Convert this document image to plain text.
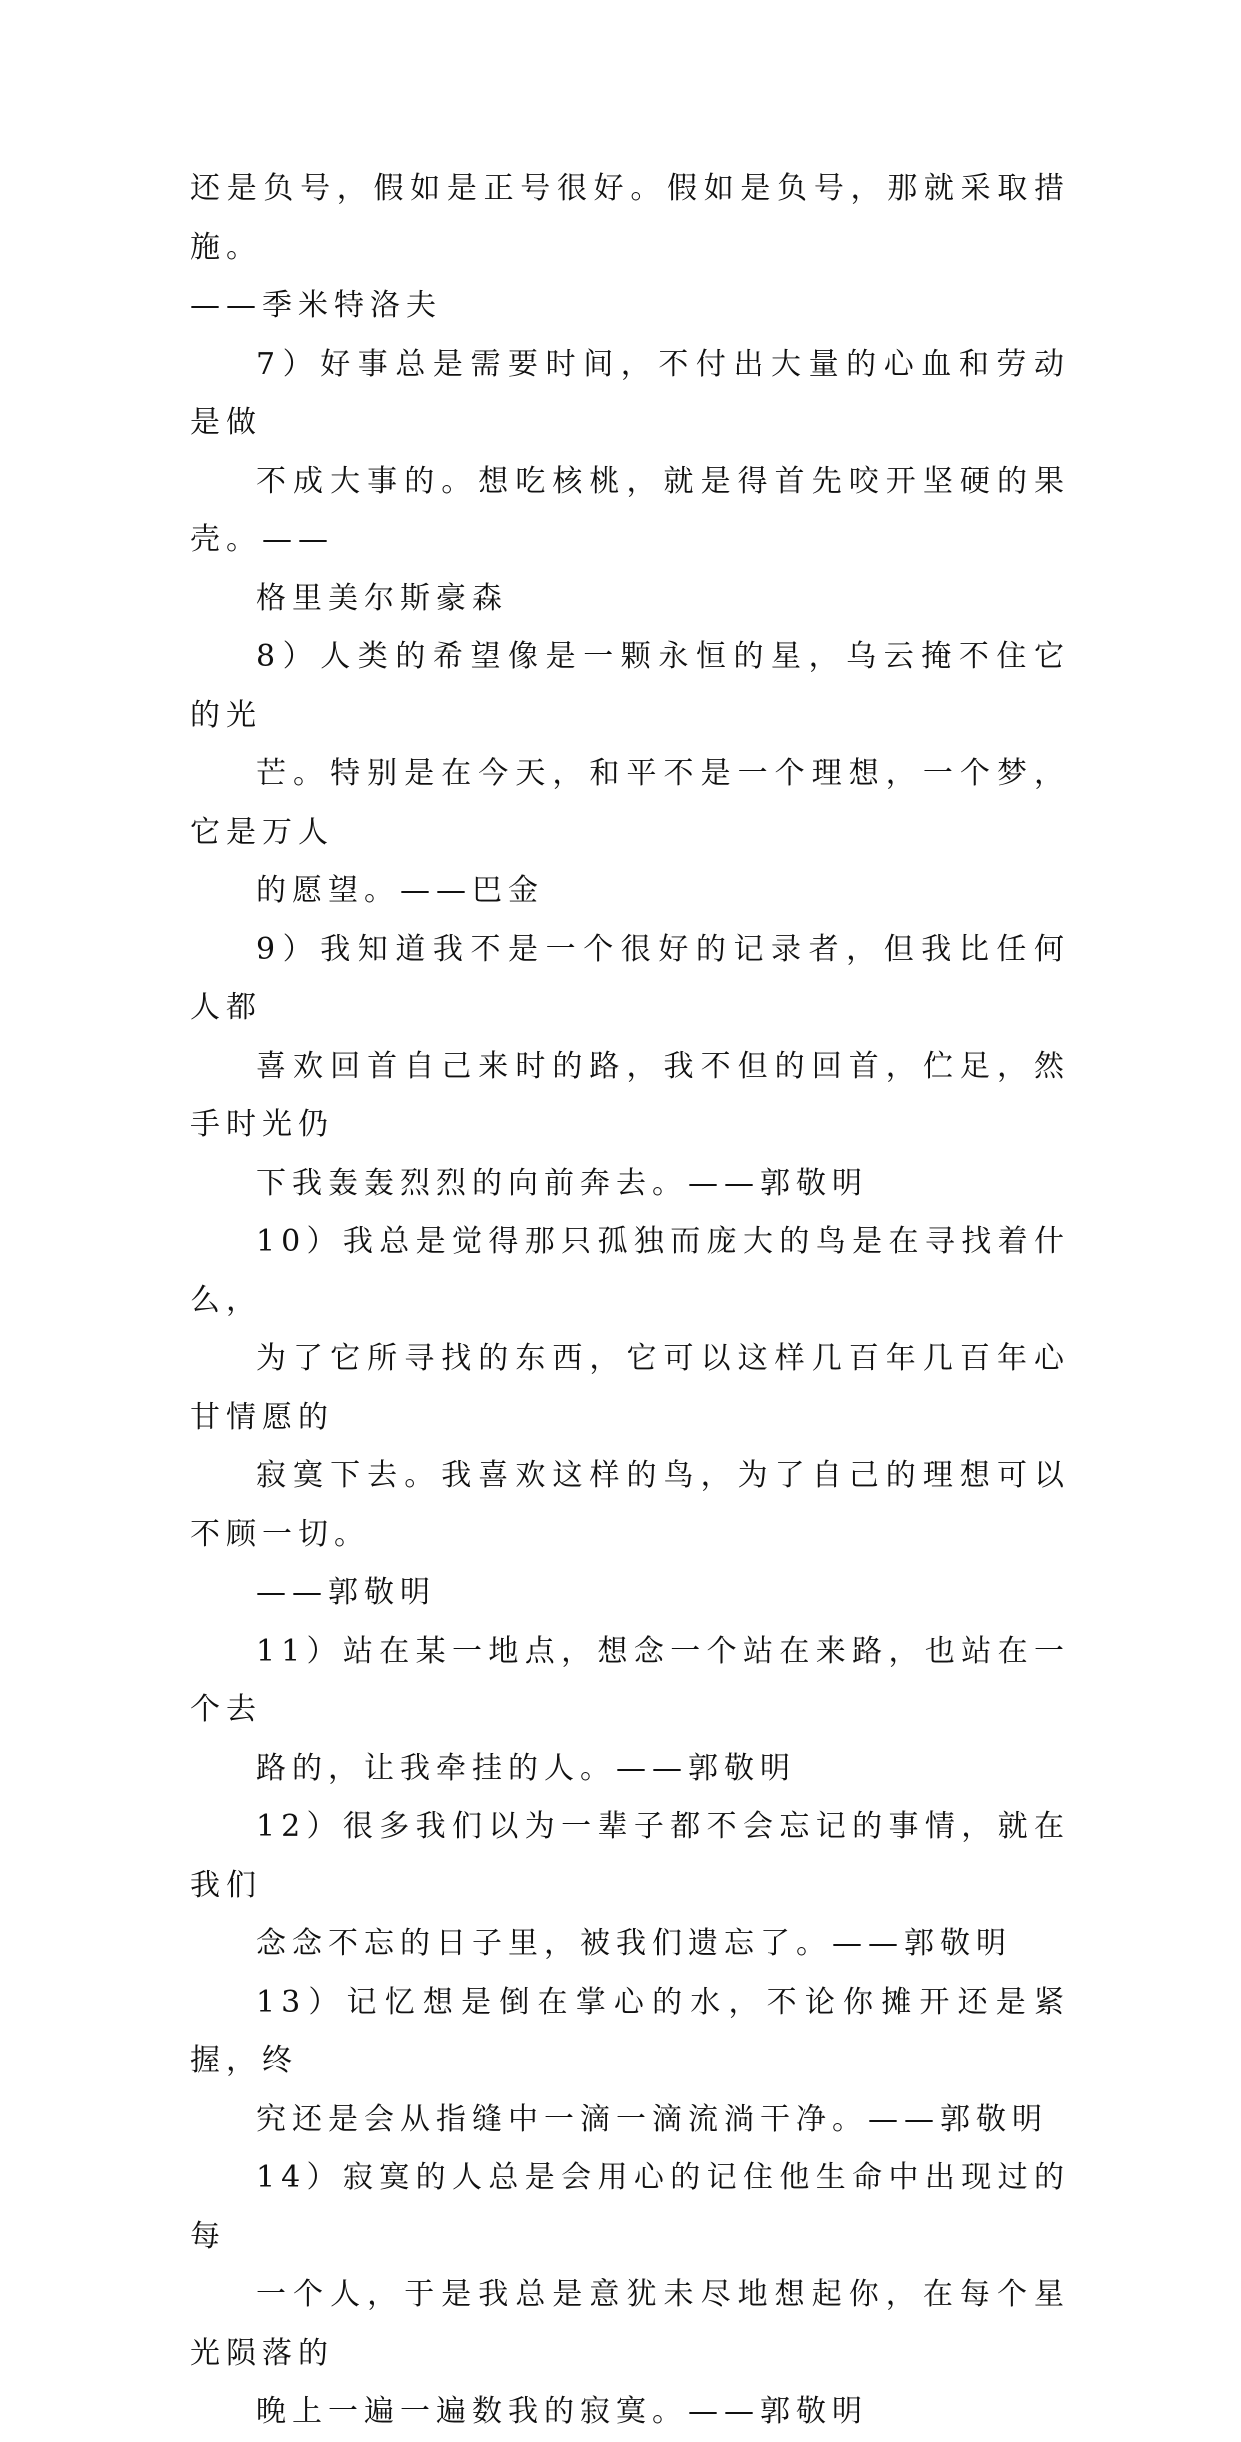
还是负号，假如是正号很好。假如是负号，那就采取措施。
——季米特洛夫

7）好事总是需要时间，不付出大量的心血和劳动是做
不成大事的。想吃核桃，就是得首先咬开坚硬的果壳。——
格里美尔斯豪森

8）人类的希望像是一颗永恒的星，乌云掩不住它的光
芒。特别是在今天，和平不是一个理想，一个梦，它是万人
的愿望。——巴金

9）我知道我不是一个很好的记录者，但我比任何人都
喜欢回首自己来时的路，我不但的回首，伫足，然手时光仍
下我轰轰烈烈的向前奔去。——郭敬明

10）我总是觉得那只孤独而庞大的鸟是在寻找着什么，
为了它所寻找的东西，它可以这样几百年几百年心甘情愿的
寂寞下去。我喜欢这样的鸟，为了自己的理想可以不顾一切。
——郭敬明

11）站在某一地点，想念一个站在来路，也站在一个去
路的，让我牵挂的人。——郭敬明

12）很多我们以为一辈子都不会忘记的事情，就在我们
念念不忘的日子里，被我们遗忘了。——郭敬明

13）记忆想是倒在掌心的水，不论你摊开还是紧握，终
究还是会从指缝中一滴一滴流淌干净。——郭敬明

14）寂寞的人总是会用心的记住他生命中出现过的每
一个人，于是我总是意犹未尽地想起你，在每个星光陨落的
晚上一遍一遍数我的寂寞。——郭敬明
